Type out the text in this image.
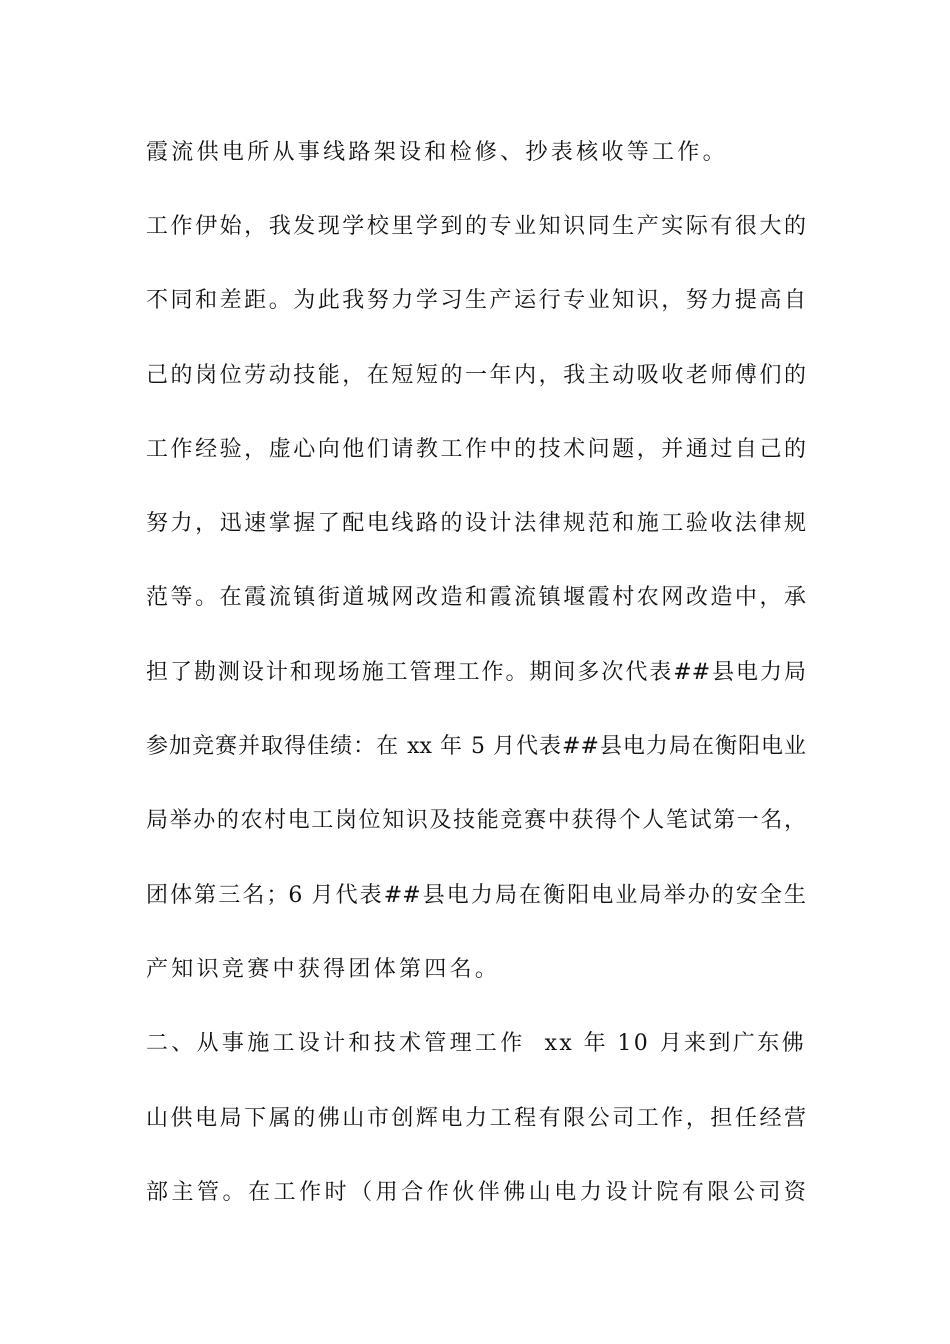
霞流供电所从事线路架设和检修、抄表核收等工作。
工作伊始，我发现学校里学到的专业知识同生产实际有很大的
不同和差距。为此我努力学习生产运行专业知识，努力提高自
己的岗位劳动技能，在短短的一年内，我主动吸收老师傅们的
工作经验，虚心向他们请教工作中的技术问题，并通过自己的
努力，迅速掌握了配电线路的设计法律规范和施工验收法律规
范等。在霞流镇街道城网改造和霞流镇堰霞村农网改造中，承
担了勘测设计和现场施工管理工作。期间多次代表##县电力局
参加竞赛并取得佳绩：在 xx 年 5 月代表##县电力局在衡阳电业
局举办的农村电工岗位知识及技能竞赛中获得个人笔试第一名，
团体第三名；6 月代表##县电力局在衡阳电业局举办的安全生
产知识竞赛中获得团体第四名。
二、从事施工设计和技术管理工作 xx 年 10 月来到广东佛
山供电局下属的佛山市创辉电力工程有限公司工作，担任经营
部主管。在工作时（用合作伙伴佛山电力设计院有限公司资
